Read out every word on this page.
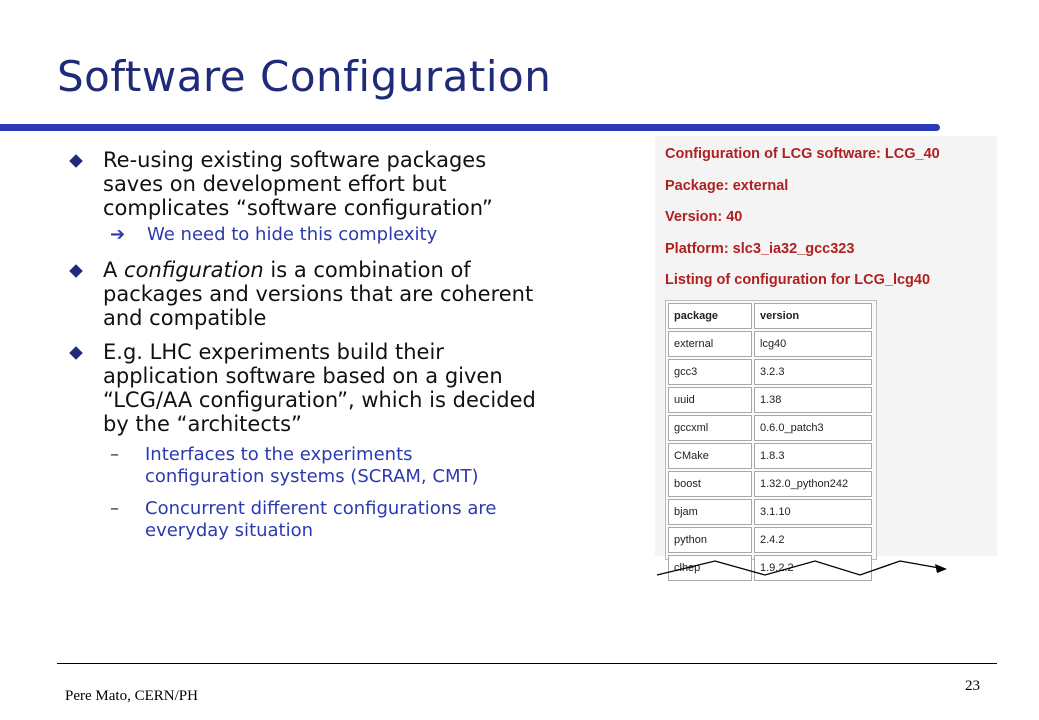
Software Configuration
Re-using existing software packages
saves on development effort but
complicates “software configuration”
➔ We need to hide this complexity
A configuration is a combination of
packages and versions that are coherent
and compatible
E.g. LHC experiments build their
application software based on a given
“LCG/AA configuration”, which is decided
by the “architects”
– Interfaces to the experiments
configuration systems (SCRAM, CMT)
– Concurrent different configurations are
everyday situation
Configuration of LCG software: LCG_40
Package: external
Version: 40
Platform: slc3_ia32_gcc323
Listing of configuration for LCG_lcg40
package	version
external	lcg40
gcc3	3.2.3
uuid	1.38
gccxml	0.6.0_patch3
CMake	1.8.3
boost	1.32.0_python242
bjam	3.1.10
python	2.4.2
clhep	1.9.2.2
Pere Mato, CERN/PH
23
